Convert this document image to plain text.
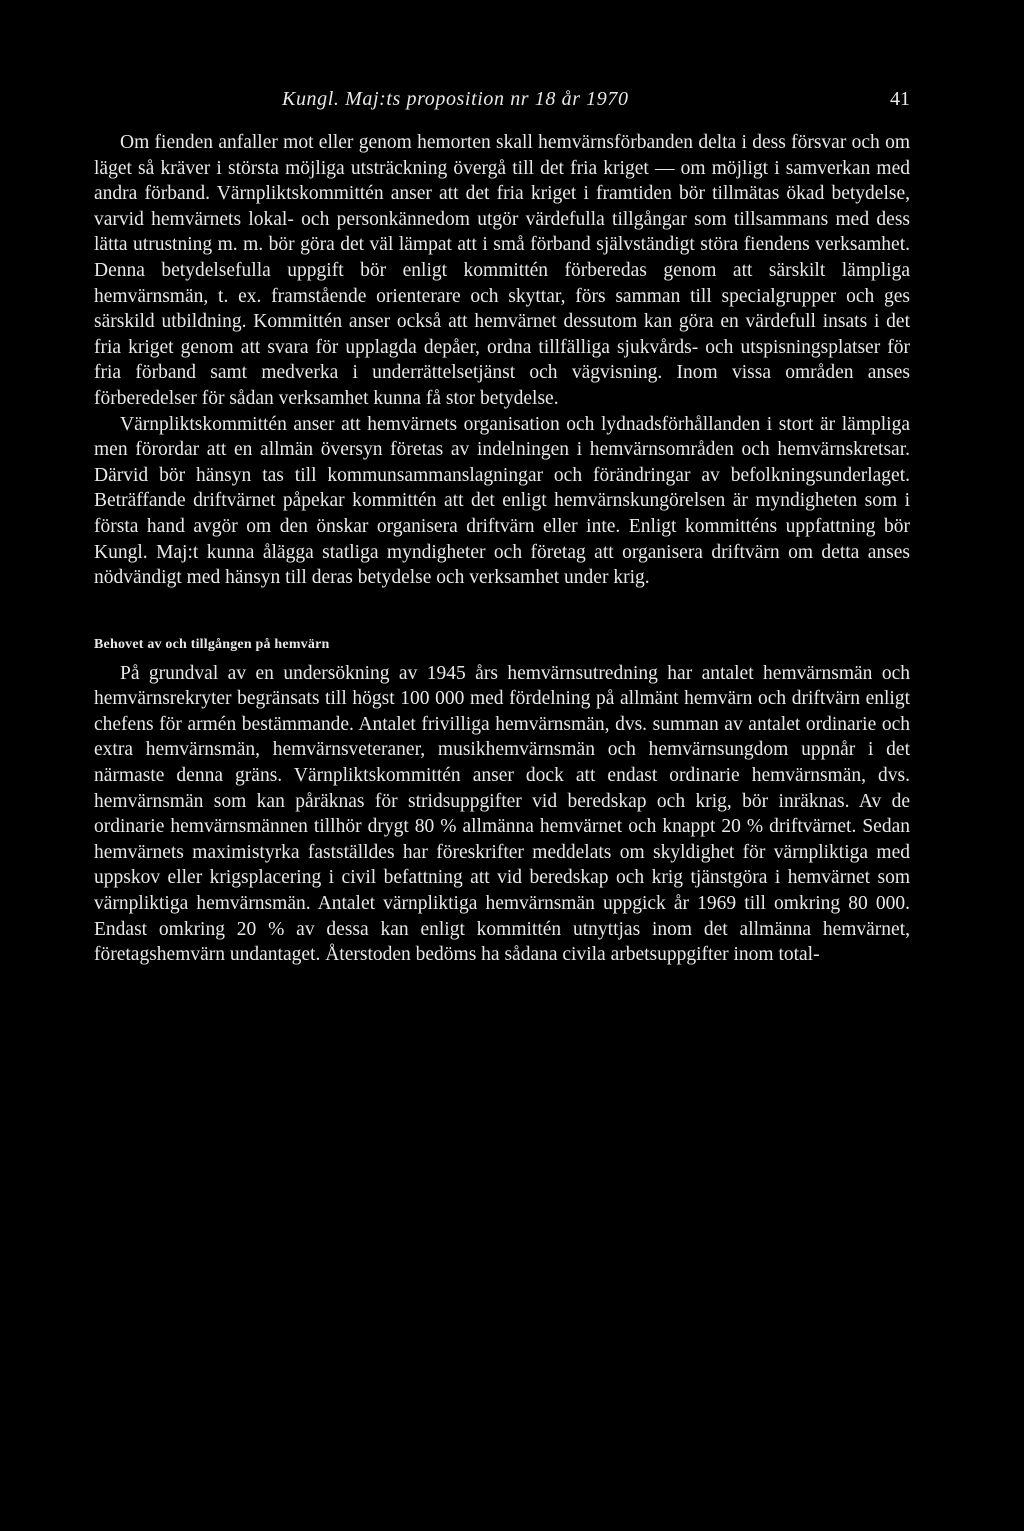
Kungl. Maj:ts proposition nr 18 år 1970	41

Om fienden anfaller mot eller genom hemorten skall hemvärnsförbanden delta i dess försvar och om läget så kräver i största möjliga utsträckning övergå till det fria kriget — om möjligt i samverkan med andra förband. Värnpliktskommittén anser att det fria kriget i framtiden bör tillmätas ökad betydelse, varvid hemvärnets lokal- och personkännedom utgör värdefulla tillgångar som tillsammans med dess lätta utrustning m. m. bör göra det väl lämpat att i små förband självständigt störa fiendens verksamhet. Denna betydelsefulla uppgift bör enligt kommittén förberedas genom att särskilt lämpliga hemvärnsmän, t. ex. framstående orienterare och skyttar, förs samman till specialgrupper och ges särskild utbildning. Kommittén anser också att hemvärnet dessutom kan göra en värdefull insats i det fria kriget genom att svara för upplagda depåer, ordna tillfälliga sjukvårds- och utspisningsplatser för fria förband samt medverka i underrättelsetjänst och vägvisning. Inom vissa områden anses förberedelser för sådan verksamhet kunna få stor betydelse.

Värnpliktskommittén anser att hemvärnets organisation och lydnadsförhållanden i stort är lämpliga men förordar att en allmän översyn företas av indelningen i hemvärnsområden och hemvärnskretsar. Därvid bör hänsyn tas till kommunsammanslagningar och förändringar av befolkningsunderlaget. Beträffande driftvärnet påpekar kommittén att det enligt hemvärnskungörelsen är myndigheten som i första hand avgör om den önskar organisera driftvärn eller inte. Enligt kommitténs uppfattning bör Kungl. Maj:t kunna ålägga statliga myndigheter och företag att organisera driftvärn om detta anses nödvändigt med hänsyn till deras betydelse och verksamhet under krig.

Behovet av och tillgången på hemvärn

På grundval av en undersökning av 1945 års hemvärnsutredning har antalet hemvärnsmän och hemvärnsrekryter begränsats till högst 100 000 med fördelning på allmänt hemvärn och driftvärn enligt chefens för armén bestämmande. Antalet frivilliga hemvärnsmän, dvs. summan av antalet ordinarie och extra hemvärnsmän, hemvärnsveteraner, musikhemvärnsmän och hemvärnsungdom uppnår i det närmaste denna gräns. Värnpliktskommittén anser dock att endast ordinarie hemvärnsmän, dvs. hemvärnsmän som kan påräknas för stridsuppgifter vid beredskap och krig, bör inräknas. Av de ordinarie hemvärnsmännen tillhör drygt 80 % allmänna hemvärnet och knappt 20 % driftvärnet. Sedan hemvärnets maximistyrka fastställdes har föreskrifter meddelats om skyldighet för värnpliktiga med uppskov eller krigsplacering i civil befattning att vid beredskap och krig tjänstgöra i hemvärnet som värnpliktiga hemvärnsmän. Antalet värnpliktiga hemvärnsmän uppgick år 1969 till omkring 80 000. Endast omkring 20 % av dessa kan enligt kommittén utnyttjas inom det allmänna hemvärnet, företagshemvärn undantaget. Återstoden bedöms ha sådana civila arbetsuppgifter inom total-
